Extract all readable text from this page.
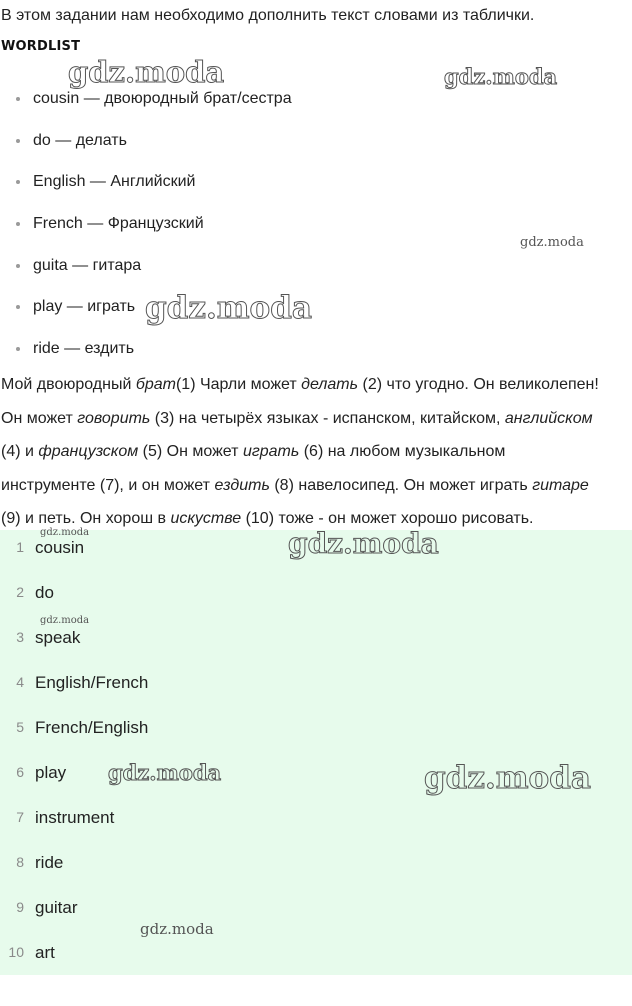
В этом задании нам необходимо дополнить текст словами из таблички.
WORDLIST
cousin — двоюродный брат/сестра
do — делать
English — Английский
French — Французский
guita — гитара
play — играть
ride — ездить
Мой двоюродный брат(1) Чарли может делать (2) что угодно. Он великолепен!
Он может говорить (3) на четырёх языках - испанском, китайском, английском
(4) и французском (5) Он может играть (6) на любом музыкальном
инструменте (7), и он может ездить (8) навелосипед. Он может играть гитаре
(9) и петь. Он хорош в искустве (10) тоже - он может хорошо рисовать.
1 cousin
2 do
3 speak
4 English/French
5 French/English
6 play
7 instrument
8 ride
9 guitar
10 art
gdz.moda	gdz.moda
gdz.moda
gdz.moda
gdz.moda
gdz.moda
gdz.moda
